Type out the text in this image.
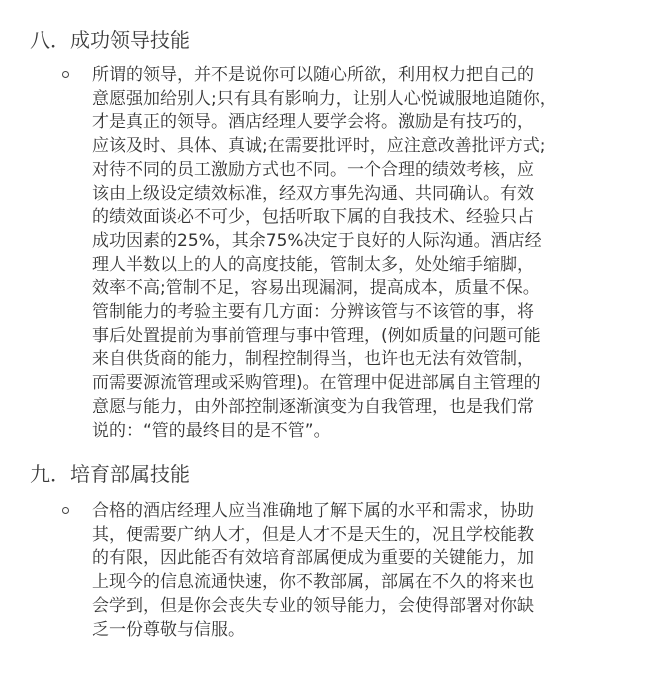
八．成功领导技能

所谓的领导，并不是说你可以随心所欲，利用权力把自己的
意愿强加给别人;只有具有影响力，让别人心悦诚服地追随你，
才是真正的领导。酒店经理人要学会将。激励是有技巧的，
应该及时、具体、真诚;在需要批评时，应注意改善批评方式;
对待不同的员工激励方式也不同。一个合理的绩效考核，应
该由上级设定绩效标准，经双方事先沟通、共同确认。有效
的绩效面谈必不可少，包括听取下属的自我技术、经验只占
成功因素的25%，其余75%决定于良好的人际沟通。酒店经
理人半数以上的人的高度技能，管制太多，处处缩手缩脚，
效率不高;管制不足，容易出现漏洞，提高成本，质量不保。
管制能力的考验主要有几方面：分辨该管与不该管的事，将
事后处置提前为事前管理与事中管理，(例如质量的问题可能
来自供货商的能力，制程控制得当，也许也无法有效管制，
而需要源流管理或采购管理)。在管理中促进部属自主管理的
意愿与能力，由外部控制逐渐演变为自我管理，也是我们常
说的：“管的最终目的是不管”。

九．培育部属技能

合格的酒店经理人应当准确地了解下属的水平和需求，协助
其，便需要广纳人才，但是人才不是天生的，况且学校能教
的有限，因此能否有效培育部属便成为重要的关键能力，加
上现今的信息流通快速，你不教部属，部属在不久的将来也
会学到，但是你会丧失专业的领导能力，会使得部署对你缺
乏一份尊敬与信服。
